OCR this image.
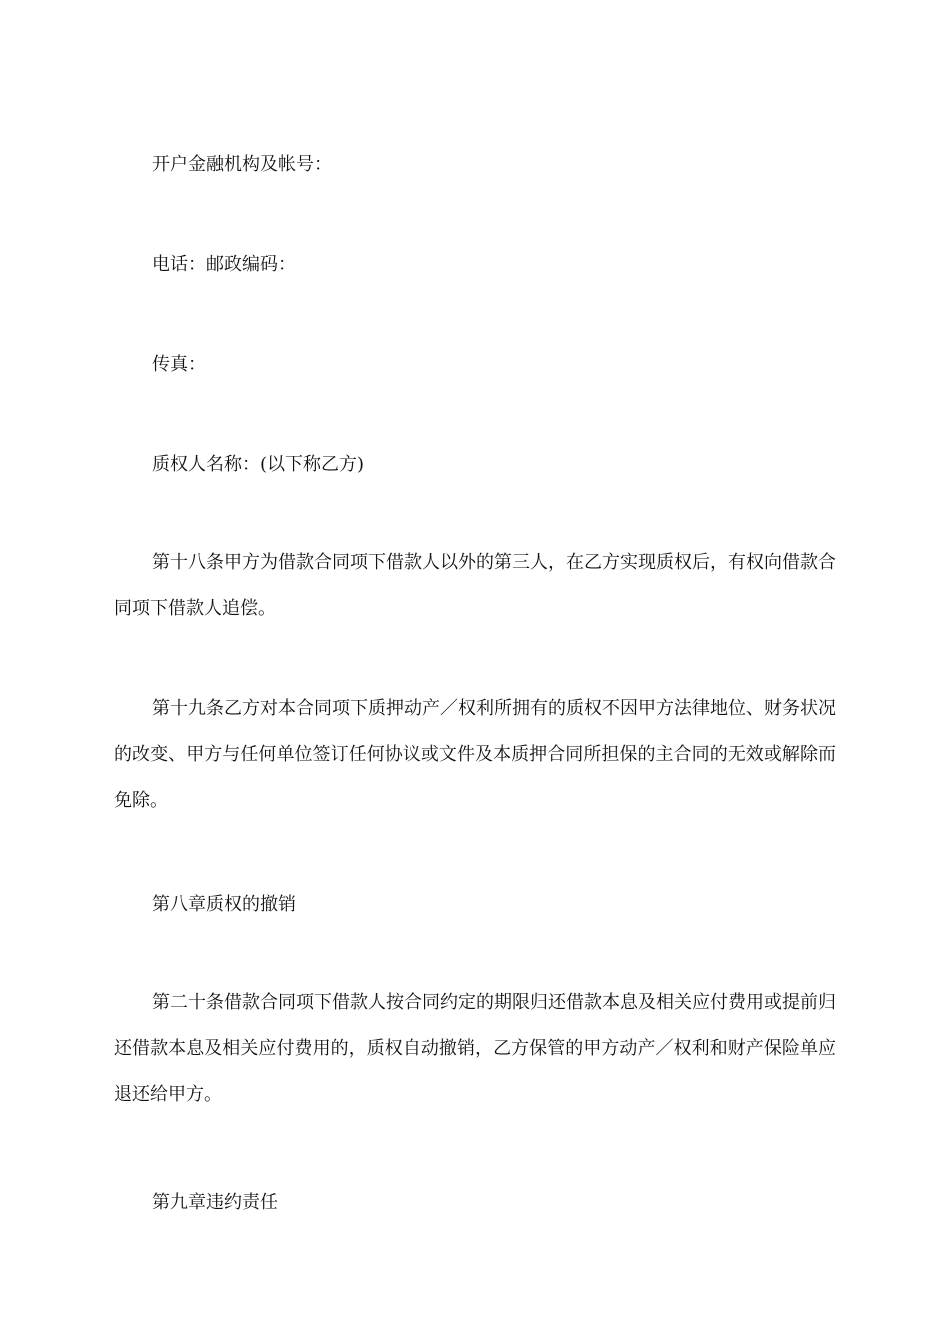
开户金融机构及帐号：

电话：邮政编码：

传真：

质权人名称：(以下称乙方)

第十八条甲方为借款合同项下借款人以外的第三人，在乙方实现质权后，有权向借款合同项下借款人追偿。

第十九条乙方对本合同项下质押动产／权利所拥有的质权不因甲方法律地位、财务状况的改变、甲方与任何单位签订任何协议或文件及本质押合同所担保的主合同的无效或解除而免除。

第八章质权的撤销

第二十条借款合同项下借款人按合同约定的期限归还借款本息及相关应付费用或提前归还借款本息及相关应付费用的，质权自动撤销，乙方保管的甲方动产／权利和财产保险单应退还给甲方。

第九章违约责任
